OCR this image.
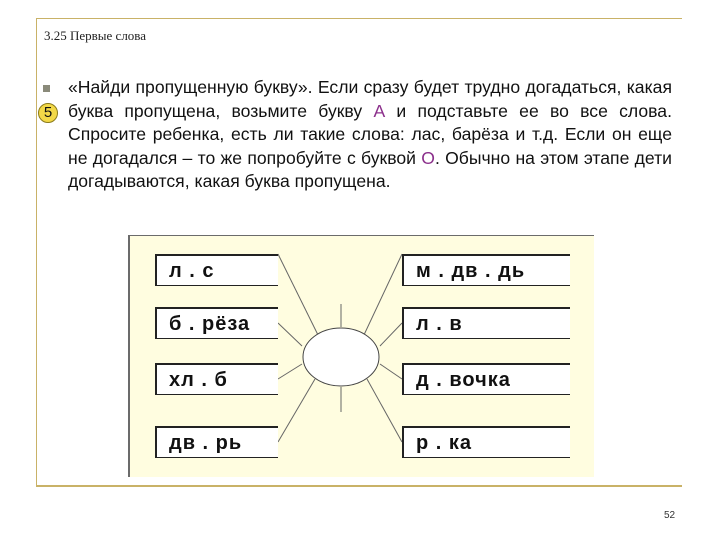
3.25 Первые слова
5
«Найди пропущенную букву». Если сразу будет трудно догадаться, какая буква пропущена, возьмите букву А и подставьте ее во все слова. Спросите ребенка, есть ли такие слова: лас, барёза и т.д. Если он еще не догадался – то же попробуйте с буквой О. Обычно на этом этапе дети догадываются, какая буква пропущена.
л . с
б . рёза
хл . б
дв . рь
м . дв . дь
л . в
д . вочка
р . ка
52
